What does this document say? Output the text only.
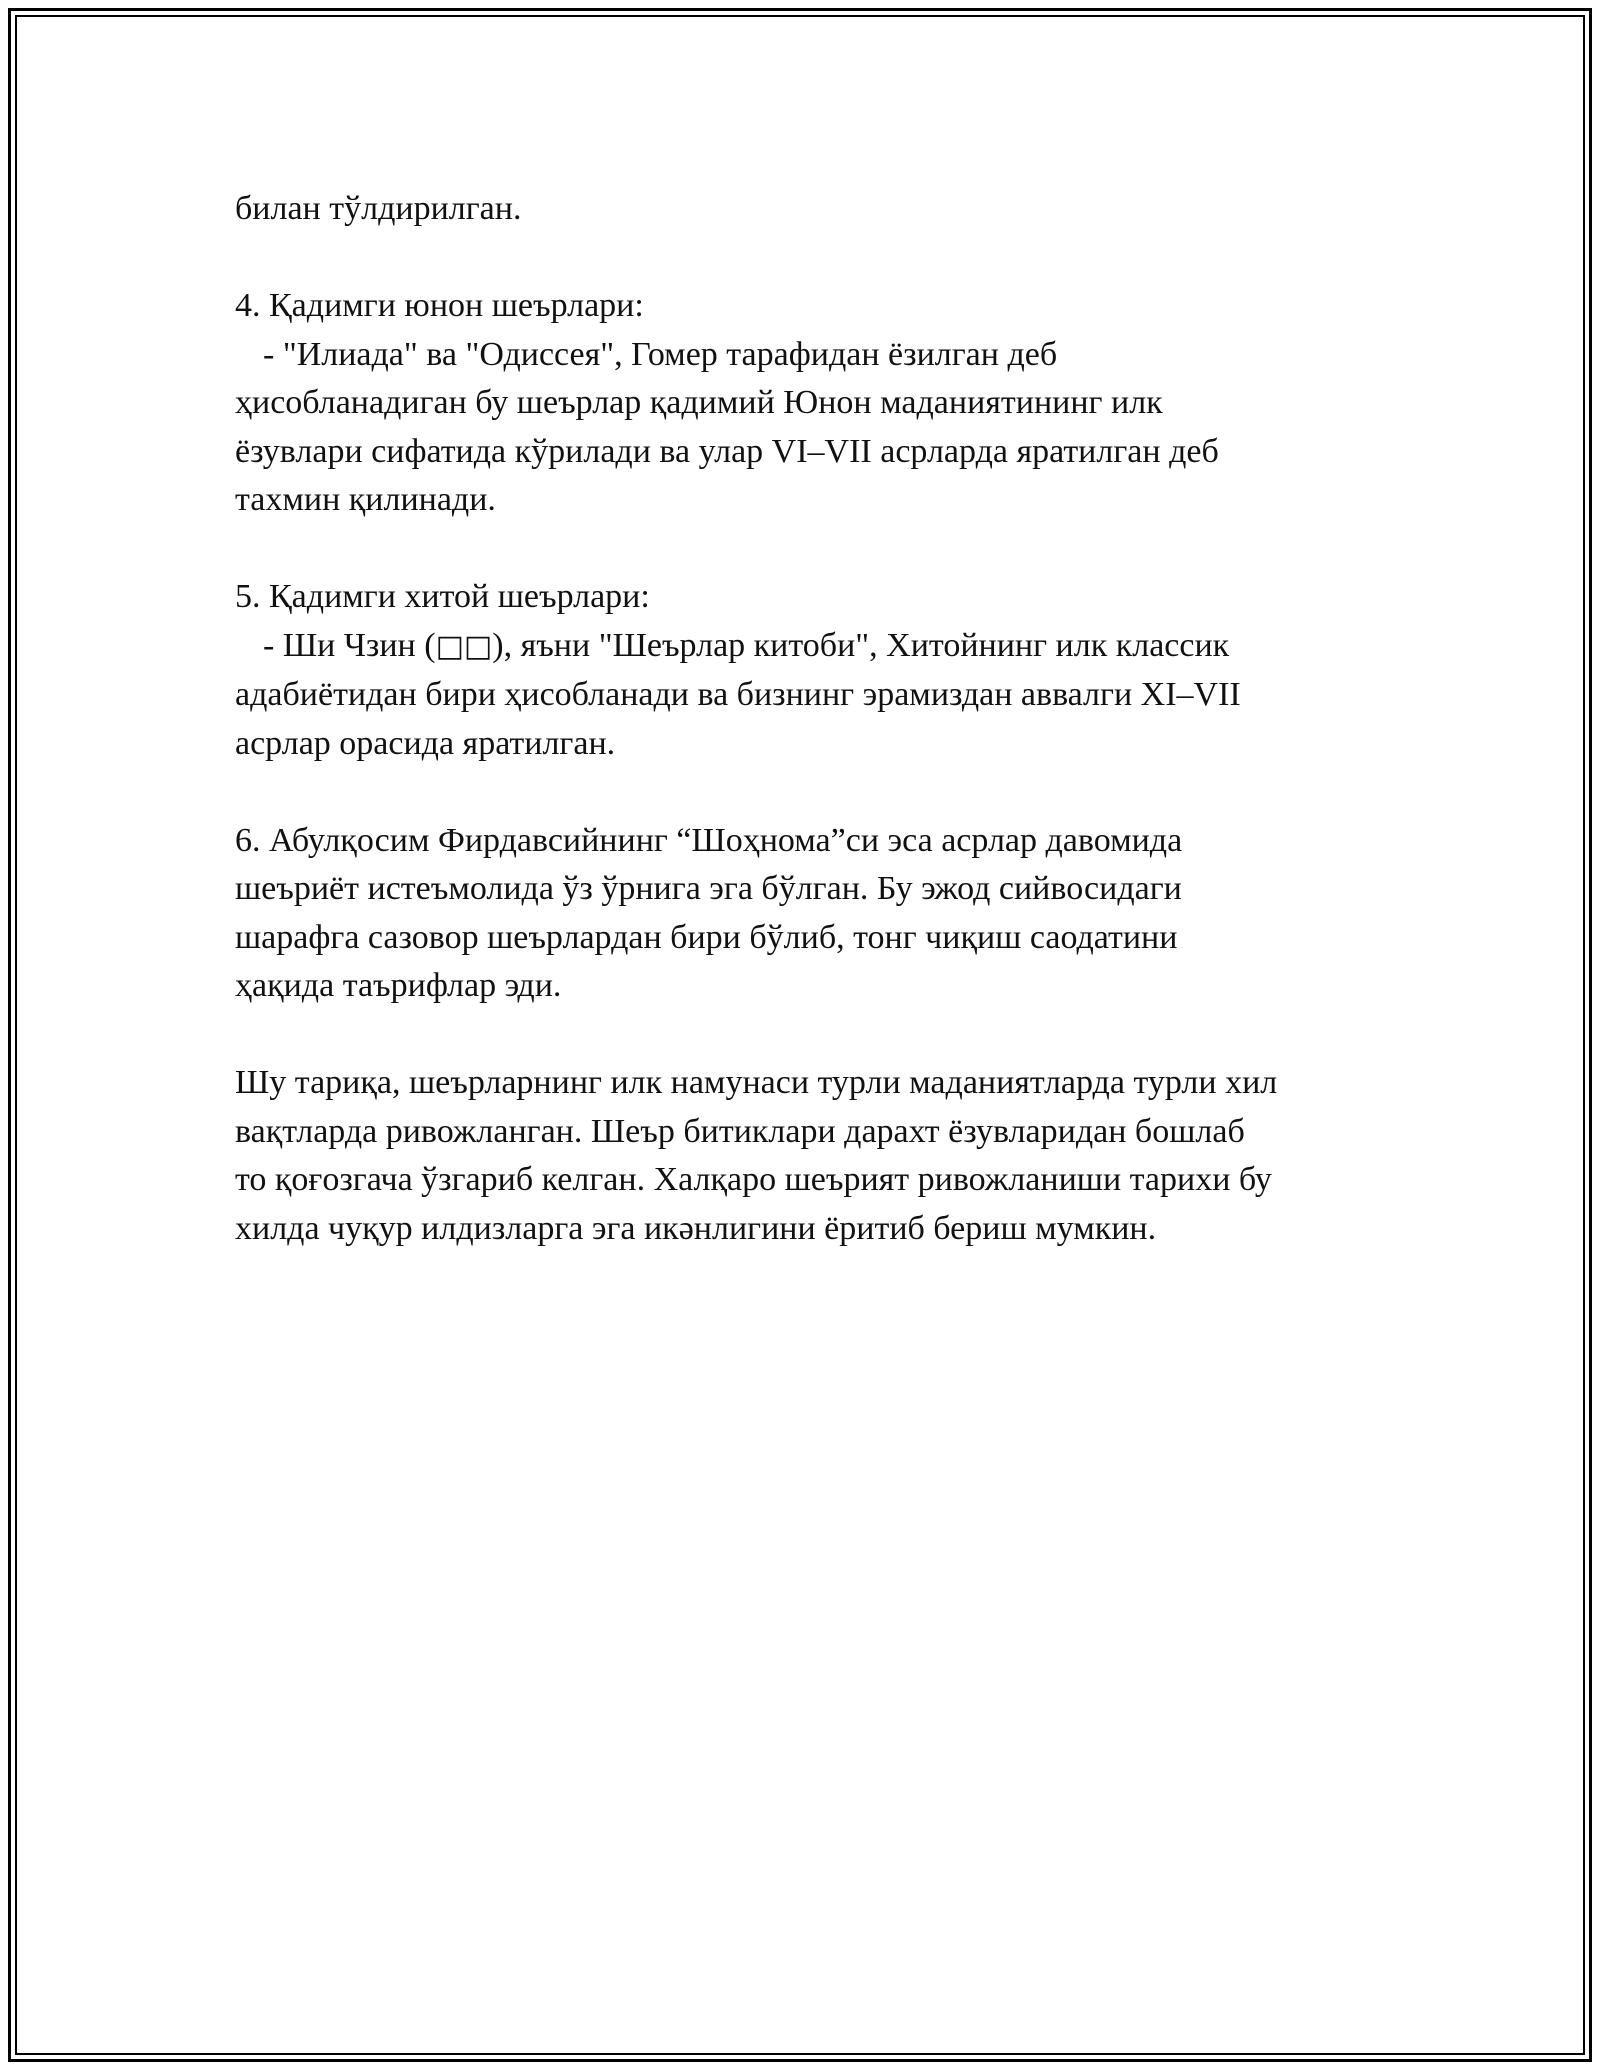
билан тўлдирилган.
4. Қадимги юнон шеърлари:
- "Илиада" ва "Одиссея", Гомер тарафидан ёзилган деб
ҳисобланадиган бу шеърлар қадимий Юнон маданиятининг илк
ёзувлари сифатида кўрилади ва улар VI–VII асрларда яратилган деб
тахмин қилинади.
5. Қадимги хитой шеърлари:
- Ши Чзин (□□), яъни "Шеърлар китоби", Хитойнинг илк классик
адабиётидан бири ҳисобланади ва бизнинг эрамиздан аввалги XI–VII
асрлар орасида яратилган.
6. Абулқосим Фирдавсийнинг “Шоҳнома”си эса асрлар давомида
шеъриёт истеъмолида ўз ўрнига эга бўлган. Бу эжод сийвосидаги
шарафга сазовор шеърлардан бири бўлиб, тонг чиқиш саодатини
ҳақида таърифлар эди.
Шу тариқа, шеърларнинг илк намунаси турли маданиятларда турли хил
вақтларда ривожланган. Шеър битиклари дарахт ёзувларидан бошлаб
то қоғозгача ўзгариб келган. Халқаро шеърият ривожланиши тарихи бу
хилда чуқур илдизларга эга икәнлигини ёритиб бериш мумкин.
